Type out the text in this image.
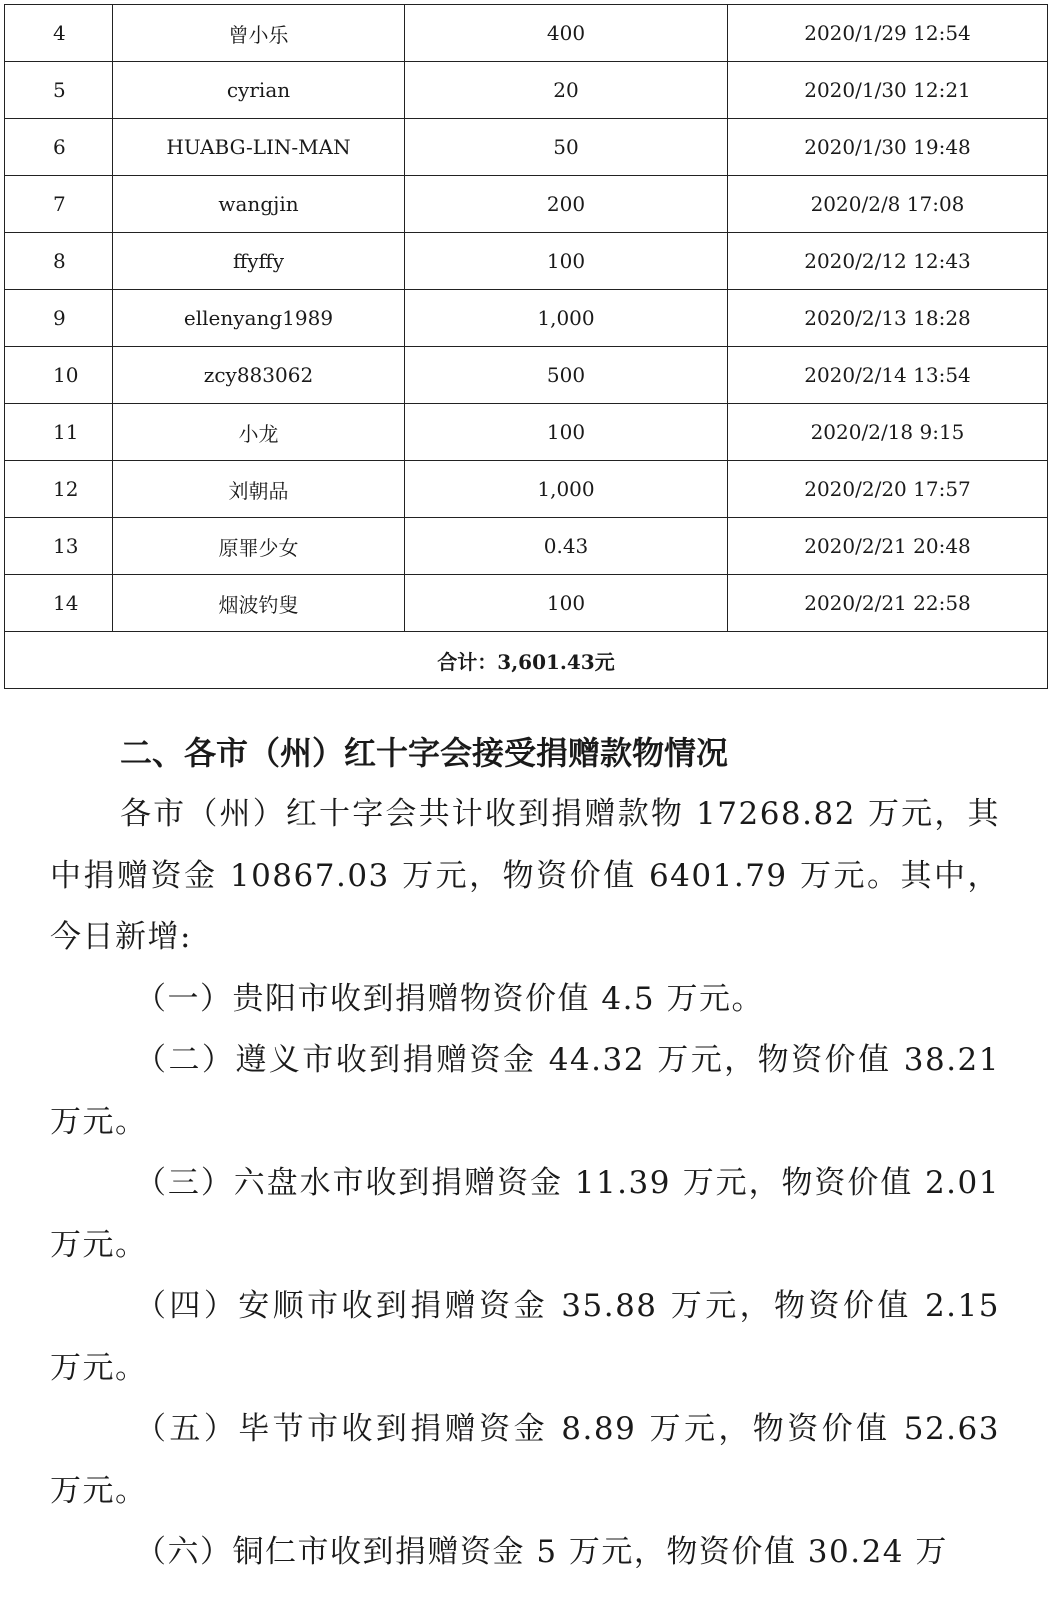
4	曾小乐	400	2020/1/29 12:54
5	cyrian	20	2020/1/30 12:21
6	HUABG-LIN-MAN	50	2020/1/30 19:48
7	wangjin	200	2020/2/8 17:08
8	ffyffy	100	2020/2/12 12:43
9	ellenyang1989	1,000	2020/2/13 18:28
10	zcy883062	500	2020/2/14 13:54
11	小龙	100	2020/2/18 9:15
12	刘朝品	1,000	2020/2/20 17:57
13	原罪少女	0.43	2020/2/21 20:48
14	烟波钓叟	100	2020/2/21 22:58
合计：3,601.43元			
二、各市（州）红十字会接受捐赠款物情况

各市（州）红十字会共计收到捐赠款物 17268.82 万元，其中捐赠资金 10867.03 万元，物资价值 6401.79 万元。其中，今日新增:

（一）贵阳市收到捐赠物资价值 4.5 万元。

（二）遵义市收到捐赠资金 44.32 万元，物资价值 38.21 万元。

（三）六盘水市收到捐赠资金 11.39 万元，物资价值 2.01 万元。

（四）安顺市收到捐赠资金 35.88 万元，物资价值 2.15 万元。

（五）毕节市收到捐赠资金 8.89 万元，物资价值 52.63 万元。

（六）铜仁市收到捐赠资金 5 万元，物资价值 30.24 万
